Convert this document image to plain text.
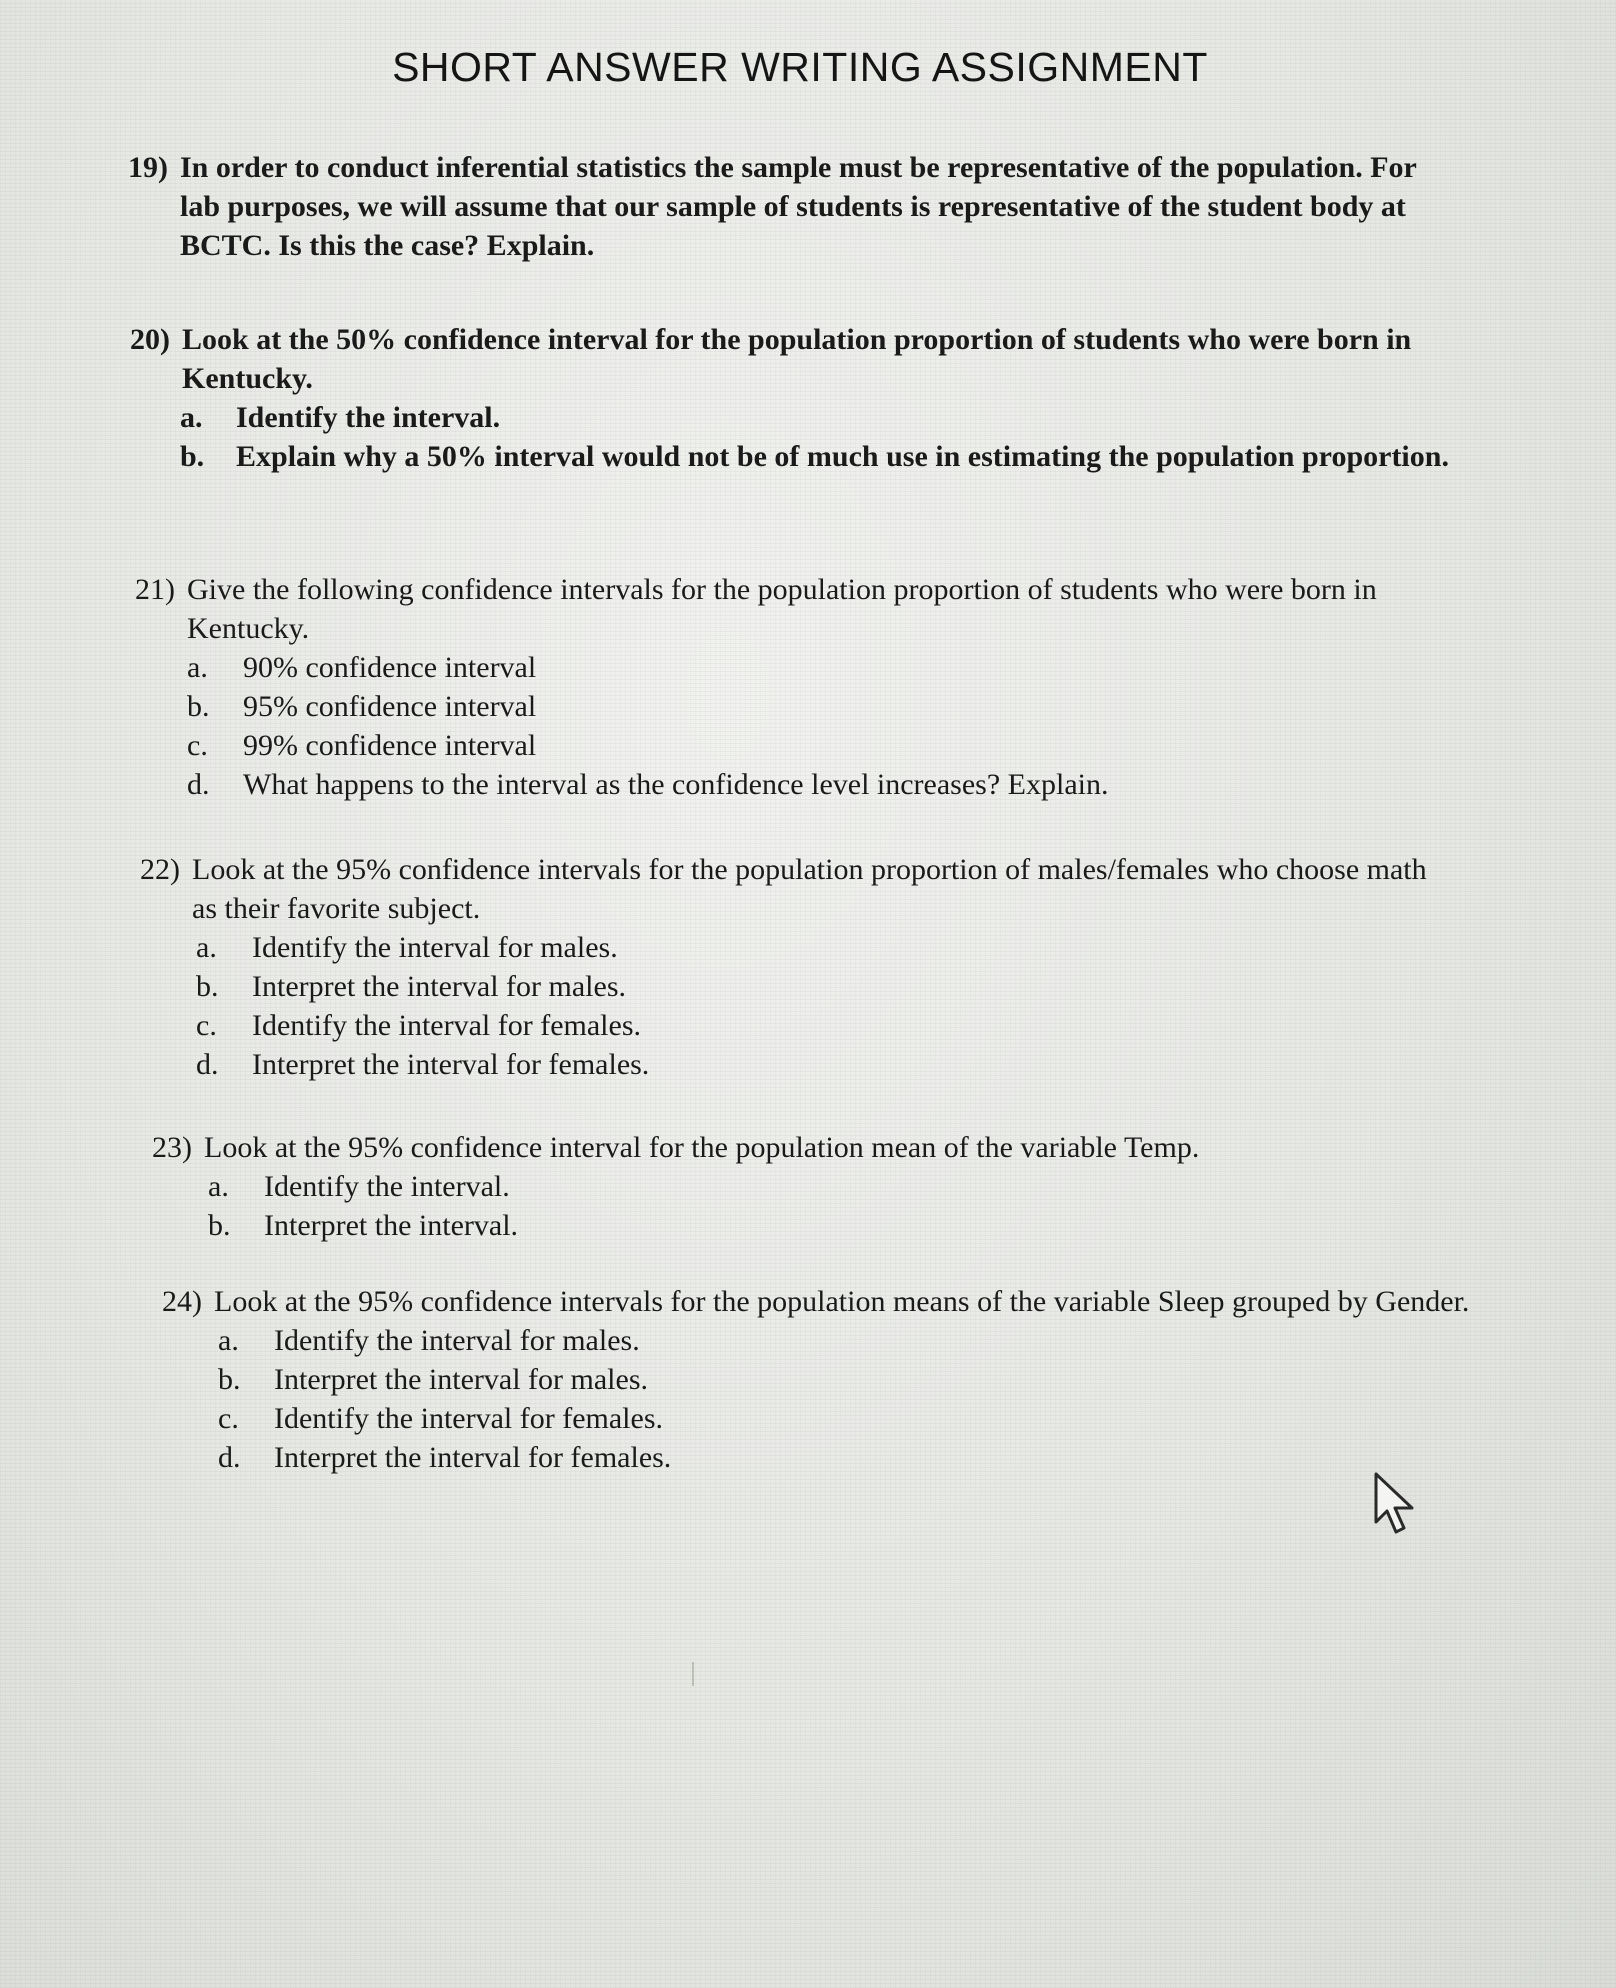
SHORT ANSWER WRITING ASSIGNMENT
19) In order to conduct inferential statistics the sample must be representative of the population. For lab purposes, we will assume that our sample of students is representative of the student body at BCTC. Is this the case? Explain.
20) Look at the 50% confidence interval for the population proportion of students who were born in Kentucky.
a. Identify the interval.
b. Explain why a 50% interval would not be of much use in estimating the population proportion.
21) Give the following confidence intervals for the population proportion of students who were born in Kentucky.
a. 90% confidence interval
b. 95% confidence interval
c. 99% confidence interval
d. What happens to the interval as the confidence level increases? Explain.
22) Look at the 95% confidence intervals for the population proportion of males/females who choose math as their favorite subject.
a. Identify the interval for males.
b. Interpret the interval for males.
c. Identify the interval for females.
d. Interpret the interval for females.
23) Look at the 95% confidence interval for the population mean of the variable Temp.
a. Identify the interval.
b. Interpret the interval.
24) Look at the 95% confidence intervals for the population means of the variable Sleep grouped by Gender.
a. Identify the interval for males.
b. Interpret the interval for males.
c. Identify the interval for females.
d. Interpret the interval for females.
